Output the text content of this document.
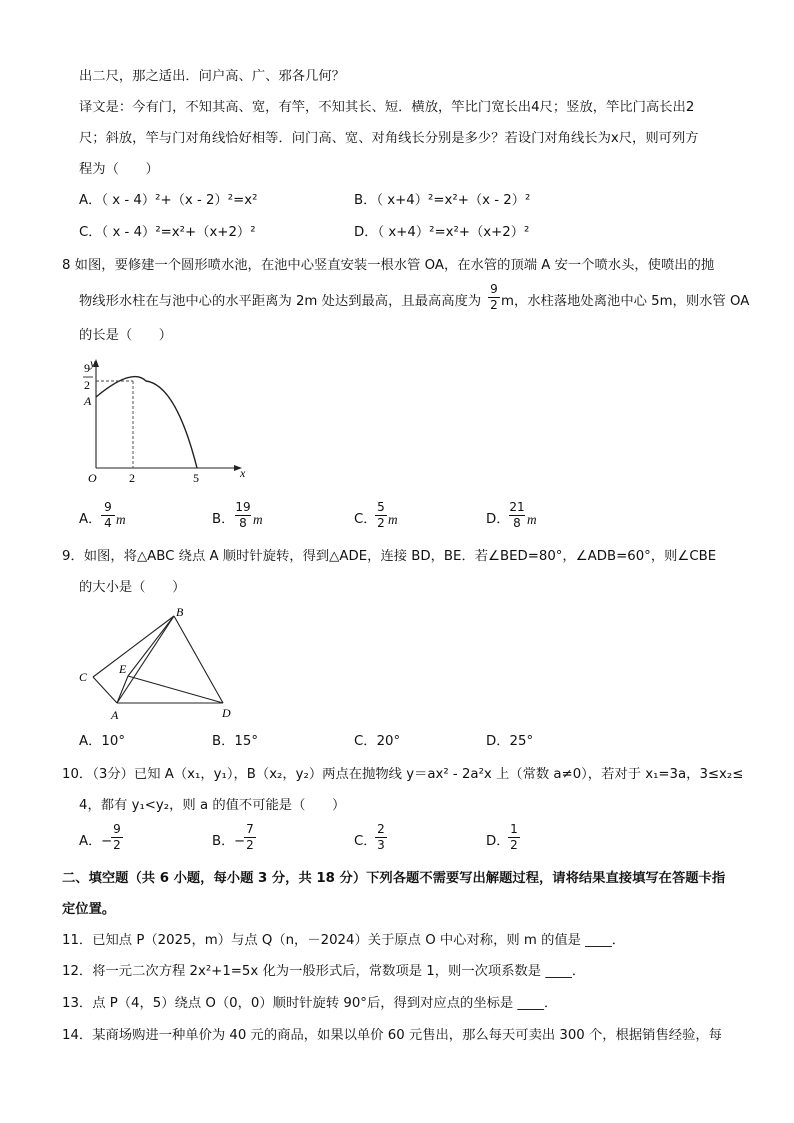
出二尺，那之适出．问户高、广、邪各几何？
译文是：今有门，不知其高、宽，有竿，不知其长、短．横放，竿比门宽长出4尺；竖放，竿比门高长出2
尺；斜放，竿与门对角线恰好相等．问门高、宽、对角线长分别是多少？若设门对角线长为x尺，则可列方
程为（　　）
A．（ x - 4）²+（x - 2）²=x²	B．（ x+4）²=x²+（x - 2）²
C．（ x - 4）²=x²+（x+2）²	D．（ x+4）²=x²+（x+2）²
8 如图，要修建一个圆形喷水池，在池中心竖直安装一根水管 OA，在水管的顶端 A 安一个喷水头，使喷出的抛
物线形水柱在与池中心的水平距离为 2m 处达到最高，且最高高度为
9
2 m，水柱落地处离池中心 5m，则水管 OA
的长是（　　）
y
x
O
A
9
2
2	5
A．
9
4 m	B．
19
8 m	C．
5
2 m	D．
21
8 m
9．如图，将△ABC 绕点 A 顺时针旋转，得到△ADE，连接 BD，BE．若∠BED=80°，∠ADB=60°，则∠CBE
的大小是（　　）
B
C
E
A	D
A．10°	B．15°	C．20°	D．25°
10．（3分）已知 A（x₁，y₁），B（x₂，y₂）两点在抛物线 y＝ax² - 2a²x 上（常数 a≠0），若对于 x₁=3a，3≤x₂≤
4，都有 y₁<y₂，则 a 的值不可能是（　　）
A． −
9
2	B． −
7
2	C．
2
3	D．
1
2
二、填空题（共 6 小题，每小题 3 分，共 18 分）下列各题不需要写出解题过程，请将结果直接填写在答题卡指
定位置。
11．已知点 P（2025，m）与点 Q（n，－2024）关于原点 O 中心对称，则 m 的值是 ____．
12．将一元二次方程 2x²+1=5x 化为一般形式后，常数项是 1，则一次项系数是 ____．
13．点 P（4，5）绕点 O（0，0）顺时针旋转 90°后，得到对应点的坐标是 ____．
14．某商场购进一种单价为 40 元的商品，如果以单价 60 元售出，那么每天可卖出 300 个，根据销售经验，每
